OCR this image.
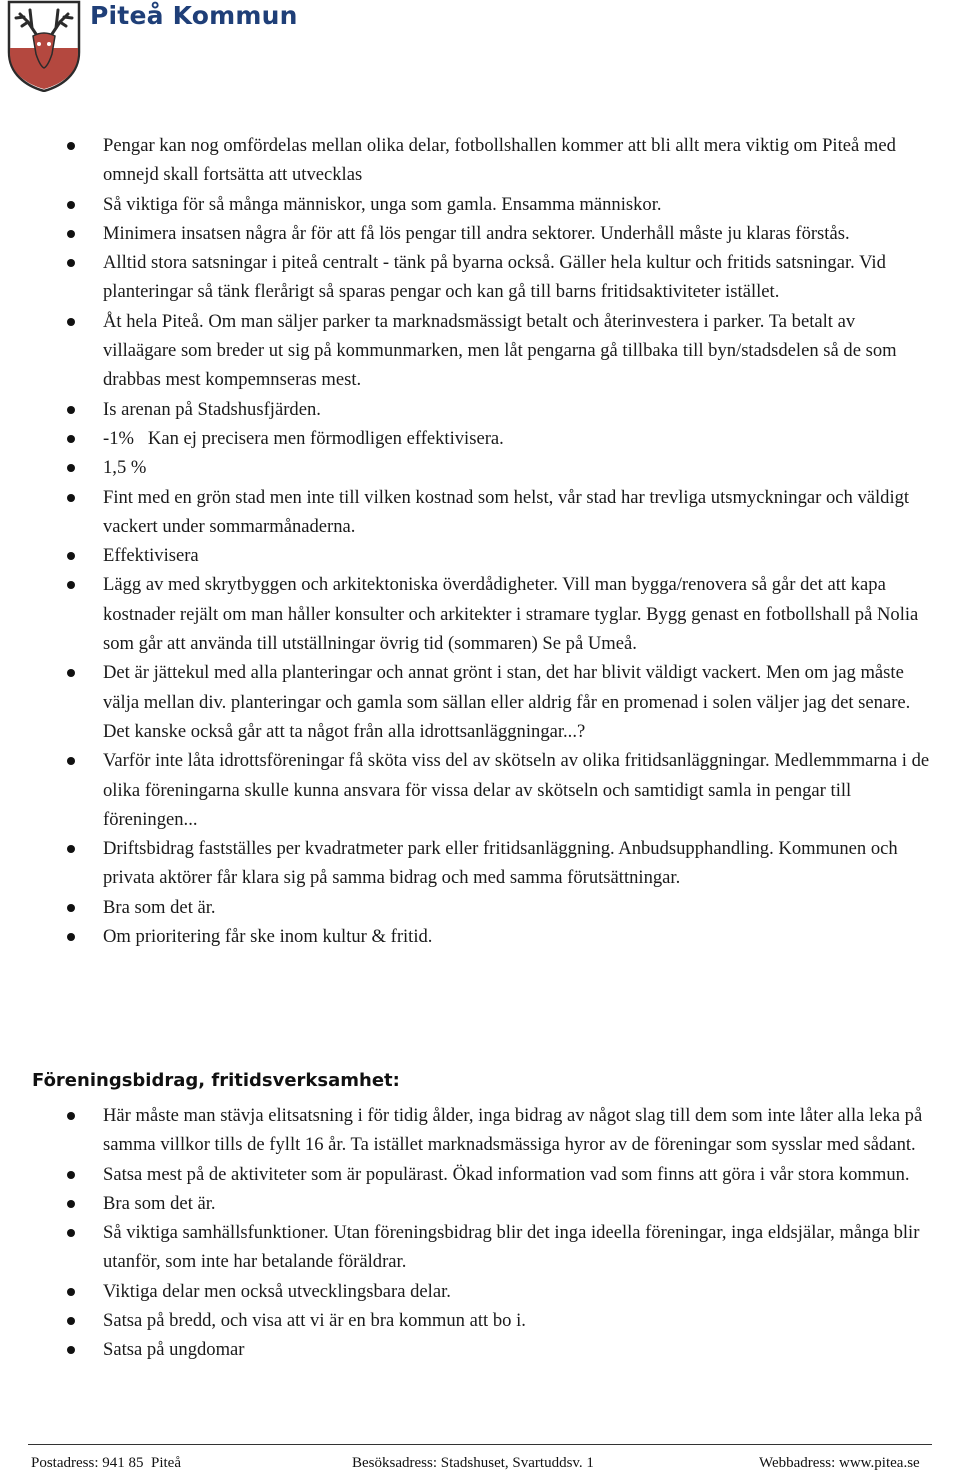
Piteå Kommun
Pengar kan nog omfördelas mellan olika delar, fotbollshallen kommer att bli allt mera viktig om Piteå med omnejd skall fortsätta att utvecklas
Så viktiga för så många människor, unga som gamla. Ensamma människor.
Minimera insatsen några år för att få lös pengar till andra sektorer. Underhåll måste ju klaras förstås.
Alltid stora satsningar i piteå centralt - tänk på byarna också. Gäller hela kultur och fritids satsningar. Vid planteringar så tänk flerårigt så sparas pengar och kan gå till barns fritidsaktiviteter istället.
Åt hela Piteå. Om man säljer parker ta marknadsmässigt betalt och återinvestera i parker. Ta betalt av villaägare som breder ut sig på kommunmarken, men låt pengarna gå tillbaka till byn/stadsdelen så de som drabbas mest kompemnseras mest.
Is arenan på Stadshusfjärden.
-1%   Kan ej precisera men förmodligen effektivisera.
1,5 %
Fint med en grön stad men inte till vilken kostnad som helst, vår stad har trevliga utsmyckningar och väldigt vackert under sommarmånaderna.
Effektivisera
Lägg av med skrytbyggen och arkitektoniska överdådigheter. Vill man bygga/renovera så går det att kapa kostnader rejält om man håller konsulter och arkitekter i stramare tyglar. Bygg genast en fotbollshall på Nolia som går att använda till utställningar övrig tid (sommaren) Se på Umeå.
Det är jättekul med alla planteringar och annat grönt i stan, det har blivit väldigt vackert. Men om jag måste välja mellan div. planteringar och gamla som sällan eller aldrig får en promenad i solen väljer jag det senare. Det kanske också går att ta något från alla idrottsanläggningar...?
Varför inte låta idrottsföreningar få sköta viss del av skötseln av olika fritidsanläggningar. Medlemmmarna i de olika föreningarna skulle kunna ansvara för vissa delar av skötseln och samtidigt samla in pengar till föreningen...
Driftsbidrag fastställes per kvadratmeter park eller fritidsanläggning. Anbudsupphandling. Kommunen och privata aktörer får klara sig på samma bidrag och med samma förutsättningar.
Bra som det är.
Om prioritering får ske inom kultur & fritid.
Föreningsbidrag, fritidsverksamhet:
Här måste man stävja elitsatsning i för tidig ålder, inga bidrag av något slag till dem som inte låter alla leka på samma villkor tills de fyllt 16 år. Ta istället marknadsmässiga hyror av de föreningar som sysslar med sådant.
Satsa mest på de aktiviteter som är populärast. Ökad information vad som finns att göra i vår stora kommun.
Bra som det är.
Så viktiga samhällsfunktioner. Utan föreningsbidrag blir det inga ideella föreningar, inga eldsjälar, många blir utanför, som inte har betalande föräldrar.
Viktiga delar men också utvecklingsbara delar.
Satsa på bredd, och visa att vi är en bra kommun att bo i.
Satsa på ungdomar
Postadress: 941 85  Piteå	Besöksadress: Stadshuset, Svartuddsv. 1	Webbadress: www.pitea.se
